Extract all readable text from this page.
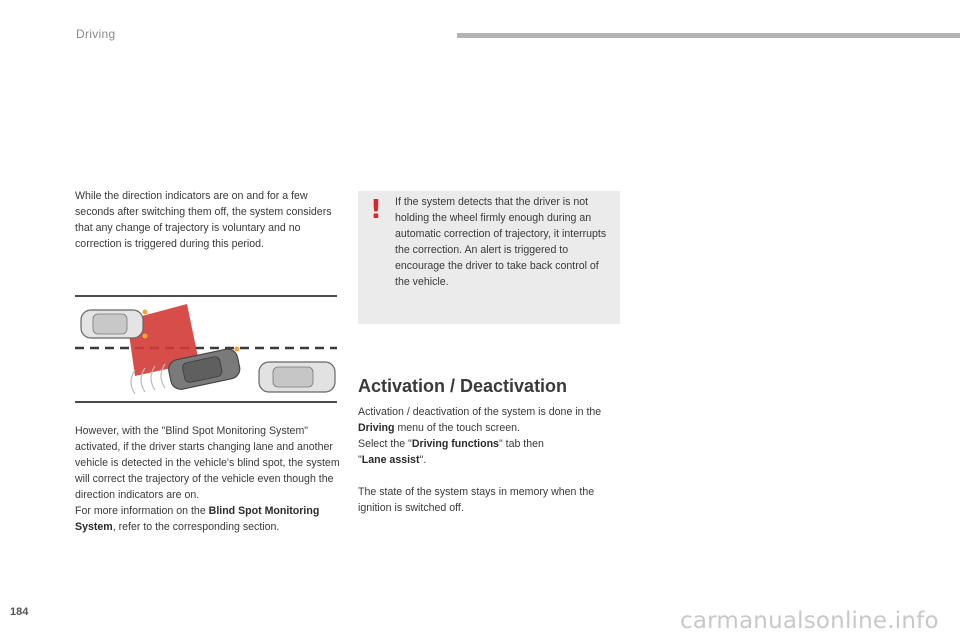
Driving

While the direction indicators are on and for a few seconds after switching them off, the system considers that any change of trajectory is voluntary and no correction is triggered during this period.

However, with the "Blind Spot Monitoring System" activated, if the driver starts changing lane and another vehicle is detected in the vehicle's blind spot, the system will correct the trajectory of the vehicle even though the direction indicators are on.
For more information on the Blind Spot Monitoring System, refer to the corresponding section.

! If the system detects that the driver is not holding the wheel firmly enough during an automatic correction of trajectory, it interrupts the correction. An alert is triggered to encourage the driver to take back control of the vehicle.

Activation / Deactivation

Activation / deactivation of the system is done in the Driving menu of the touch screen.
Select the "Driving functions" tab then
"Lane assist".

The state of the system stays in memory when the ignition is switched off.

184	carmanualsonline.info
